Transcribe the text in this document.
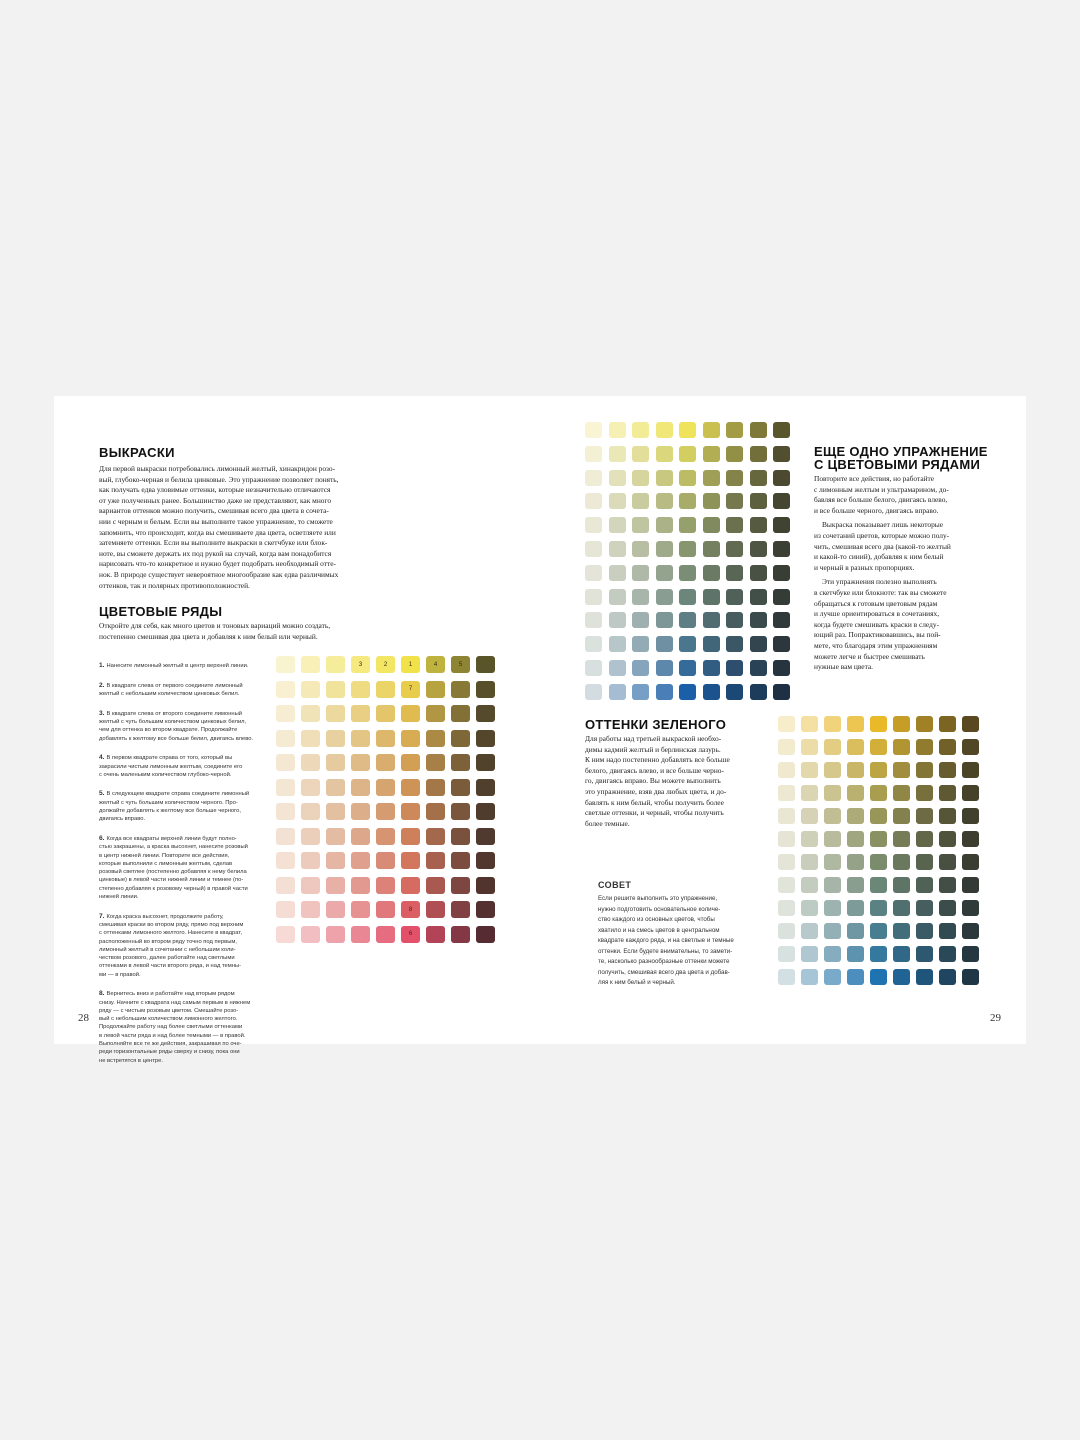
ВЫКРАСКИ

Для первой выкраски потребовались лимонный желтый, хинакридон розо-
вый, глубоко-черная и белила цинковые. Это упражнение позволяет понять,
как получать едва уловимые оттенки, которые незначительно отличаются
от уже полученных ранее. Большинство даже не представляют, как много
вариантов оттенков можно получить, смешивая всего два цвета в сочета-
нии с черным и белым. Если вы выполните такое упражнение, то сможете
запомнить, что происходит, когда вы смешиваете два цвета, осветляете или
затемняете оттенки. Если вы выполните выкраски в скетчбуке или блок-
ноте, вы сможете держать их под рукой на случай, когда вам понадобится
нарисовать что-то конкретное и нужно будет подобрать необходимый отте-
нок. В природе существует невероятное многообразие как едва различимых
оттенков, так и полярных противоположностей.

ЦВЕТОВЫЕ РЯДЫ

Откройте для себя, как много цветов и тоновых вариаций можно создать,
постепенно смешивая два цвета и добавляя к ним белый или черный.

1. Нанесите лимонный желтый в центр верхней линии.

2. В квадрате слева от первого соедините лимонный
желтый с небольшим количеством цинковых белил.

3. В квадрате слева от второго соедините лимонный
желтый с чуть большим количеством цинковых белил,
чем для оттенка во втором квадрате. Продолжайте
добавлять к желтому все больше белил, двигаясь влево.

4. В первом квадрате справа от того, который вы
закрасили чистым лимонным желтым, соедините его
с очень маленьким количеством глубоко-черной.

5. В следующем квадрате справа соедините лимонный
желтый с чуть большим количеством черного. Про-
должайте добавлять к желтому все больше черного,
двигаясь вправо.

6. Когда все квадраты верхней линии будут полно-
стью закрашены, а краска высохнет, нанесите розовый
в центр нижней линии. Повторите все действия,
которые выполнили с лимонным желтым, сделав
розовый светлее (постепенно добавляя к нему белила
цинковые) в левой части нижней линии и темнее (по-
степенно добавляя к розовому черный) в правой части
нижней линии.

7. Когда краска высохнет, продолжите работу,
смешивая краски во втором ряду, прямо под верхним
с оттенками лимонного желтого. Нанесите в квадрат,
расположенный во втором ряду точно под первым,
лимонный желтый в сочетании с небольшим коли-
чеством розового, далее работайте над светлыми
оттенками в левой части второго ряда, и над темны-
ми — в правой.

8. Вернитесь вниз и работайте над вторым рядом
снизу. Начните с квадрата над самым первым в нижнем
ряду — с чистым розовым цветом. Смешайте розо-
вый с небольшим количеством лимонного желтого.
Продолжайте работу над более светлыми оттенками
в левой части ряда и над более темными — в правой.
Выполняйте все те же действия, закрашивая по оче-
реди горизонтальные ряды сверху и снизу, пока они
не встретятся в центре.

3	2	1	4	5
7
8
6
28
ЕЩЕ ОДНО УПРАЖНЕНИЕ
С ЦВЕТОВЫМИ РЯДАМИ

Повторите все действия, но работайте
с лимонным желтым и ультрамарином, до-
бавляя все больше белого, двигаясь влево,
и все больше черного, двигаясь вправо.

Выкраска показывает лишь некоторые
из сочетаний цветов, которые можно полу-
чить, смешивая всего два (какой-то желтый
и какой-то синий), добавляя к ним белый
и черный в разных пропорциях.

Эти упражнения полезно выполнять
в скетчбуке или блокноте: так вы сможете
обращаться к готовым цветовым рядам
и лучше ориентироваться в сочетаниях,
когда будете смешивать краски в следу-
ющий раз. Попрактиковавшись, вы пой-
мете, что благодаря этим упражнениям
можете легче и быстрее смешивать
нужные вам цвета.

ОТТЕНКИ ЗЕЛЕНОГО

Для работы над третьей выкраской необхо-
димы кадмий желтый и берлинская лазурь.
К ним надо постепенно добавлять все больше
белого, двигаясь влево, и все больше черно-
го, двигаясь вправо. Вы можете выполнить
это упражнение, взяв два любых цвета, и до-
бавлять к ним белый, чтобы получить более
светлые оттенки, и черный, чтобы получить
более темные.

СОВЕТ

Если решите выполнить это упражнение,
нужно подготовить основательное количе-
ство каждого из основных цветов, чтобы
хватило и на смесь цветов в центральном
квадрате каждого ряда, и на светлые и темные
оттенки. Если будете внимательны, то замети-
те, насколько разнообразные оттенки можете
получить, смешивая всего два цвета и добав-
ляя к ним белый и черный.

29
